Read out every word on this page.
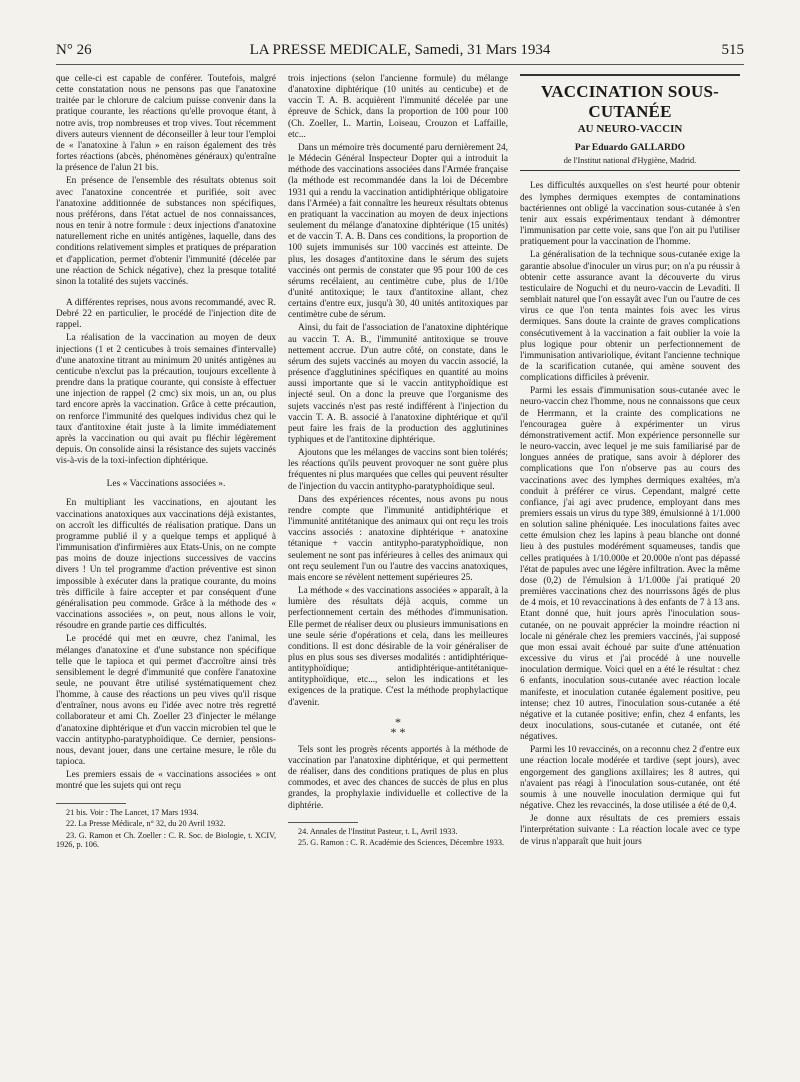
N° 26	LA PRESSE MEDICALE, Samedi, 31 Mars 1934	515

que celle-ci est capable de conférer. Toutefois, malgré cette constatation nous ne pensons pas que l'anatoxine traitée par le chlorure de calcium puisse convenir dans la pratique courante, les réactions qu'elle provoque étant, à notre avis, trop nombreuses et trop vives. Tout récemment divers auteurs viennent de déconseiller à leur tour l'emploi de « l'anatoxine à l'alun » en raison également des très fortes réactions (abcès, phénomènes généraux) qu'entraîne la présence de l'alun 21 bis.

En présence de l'ensemble des résultats obtenus soit avec l'anatoxine concentrée et purifiée, soit avec l'anatoxine additionnée de substances non spécifiques, nous préférons, dans l'état actuel de nos connaissances, nous en tenir à notre formule : deux injections d'anatoxine naturellement riche en unités antigènes, laquelle, dans des conditions relativement simples et pratiques de préparation et d'application, permet d'obtenir l'immunité (décelée par une réaction de Schick négative), chez la presque totalité sinon la totalité des sujets vaccinés.

A différentes reprises, nous avons recommandé, avec R. Debré 22 en particulier, le procédé de l'injection dite de rappel.

La réalisation de la vaccination au moyen de deux injections (1 et 2 centicubes à trois semaines d'intervalle) d'une anatoxine titrant au minimum 20 unités antigènes au centicube n'exclut pas la précaution, toujours excellente à prendre dans la pratique courante, qui consiste à effectuer une injection de rappel (2 cmc) six mois, un an, ou plus tard encore après la vaccination. Grâce à cette précaution, on renforce l'immunité des quelques individus chez qui le taux d'antitoxine était juste à la limite immédiatement après la vaccination ou qui avait pu fléchir légèrement depuis. On consolide ainsi la résistance des sujets vaccinés vis-à-vis de la toxi-infection diphtérique.

Les « Vaccinations associées ».

En multipliant les vaccinations, en ajoutant les vaccinations anatoxiques aux vaccinations déjà existantes, on accroît les difficultés de réalisation pratique. Dans un programme publié il y a quelque temps et appliqué à l'immunisation d'infirmières aux Etats-Unis, on ne compte pas moins de douze injections successives de vaccins divers ! Un tel programme d'action préventive est sinon impossible à exécuter dans la pratique courante, du moins très difficile à faire accepter et par conséquent d'une généralisation peu commode. Grâce à la méthode des « vaccinations associées », on peut, nous allons le voir, résoudre en grande partie ces difficultés.

Le procédé qui met en œuvre, chez l'animal, les mélanges d'anatoxine et d'une substance non spécifique telle que le tapioca et qui permet d'accroître ainsi très sensiblement le degré d'immunité que confère l'anatoxine seule, ne pouvant être utilisé systématiquement chez l'homme, à cause des réactions un peu vives qu'il risque d'entraîner, nous avons eu l'idée avec notre très regretté collaborateur et ami Ch. Zoeller 23 d'injecter le mélange d'anatoxine diphtérique et d'un vaccin microbien tel que le vaccin antitypho-paratyphoïdique. Ce dernier, pensions-nous, devant jouer, dans une certaine mesure, le rôle du tapioca.

Les premiers essais de « vaccinations associées » ont montré que les sujets qui ont reçu

21 bis. Voir : The Lancet, 17 Mars 1934.

22. La Presse Médicale, n° 32, du 20 Avril 1932.

23. G. Ramon et Ch. Zoeller : C. R. Soc. de Biologie, t. XCIV, 1926, p. 106.

trois injections (selon l'ancienne formule) du mélange d'anatoxine diphtérique (10 unités au centicube) et de vaccin T. A. B. acquièrent l'immunité décelée par une épreuve de Schick, dans la proportion de 100 pour 100 (Ch. Zoeller, L. Martin, Loiseau, Crouzon et Laffaille, etc...

Dans un mémoire très documenté paru dernièrement 24, le Médecin Général Inspecteur Dopter qui a introduit la méthode des vaccinations associées dans l'Armée française (la méthode est recommandée dans la loi de Décembre 1931 qui a rendu la vaccination antidiphtérique obligatoire dans l'Armée) a fait connaître les heureux résultats obtenus en pratiquant la vaccination au moyen de deux injections seulement du mélange d'anatoxine diphtérique (15 unités) et de vaccin T. A. B. Dans ces conditions, la proportion de 100 sujets immunisés sur 100 vaccinés est atteinte. De plus, les dosages d'antitoxine dans le sérum des sujets vaccinés ont permis de constater que 95 pour 100 de ces sérums recélaient, au centimètre cube, plus de 1/10e d'unité antitoxique; le taux d'antitoxine allant, chez certains d'entre eux, jusqu'à 30, 40 unités antitoxiques par centimètre cube de sérum.

Ainsi, du fait de l'association de l'anatoxine diphtérique au vaccin T. A. B., l'immunité antitoxique se trouve nettement accrue. D'un autre côté, on constate, dans le sérum des sujets vaccinés au moyen du vaccin associé, la présence d'agglutinines spécifiques en quantité au moins aussi importante que si le vaccin antityphoïdique est injecté seul. On a donc la preuve que l'organisme des sujets vaccinés n'est pas resté indifférent à l'injection du vaccin T. A. B. associé à l'anatoxine diphtérique et qu'il peut faire les frais de la production des agglutinines typhiques et de l'antitoxine diphtérique.

Ajoutons que les mélanges de vaccins sont bien tolérés; les réactions qu'ils peuvent provoquer ne sont guère plus fréquentes ni plus marquées que celles qui peuvent résulter de l'injection du vaccin antitypho-paratyphoïdique seul.

Dans des expériences récentes, nous avons pu nous rendre compte que l'immunité antidiphtérique et l'immunité antitétanique des animaux qui ont reçu les trois vaccins associés : anatoxine diphtérique + anatoxine tétanique + vaccin antitypho-paratyphoïdique, non seulement ne sont pas inférieures à celles des animaux qui ont reçu seulement l'un ou l'autre des vaccins anatoxiques, mais encore se révèlent nettement supérieures 25.

La méthode « des vaccinations associées » apparaît, à la lumière des résultats déjà acquis, comme un perfectionnement certain des méthodes d'immunisation. Elle permet de réaliser deux ou plusieurs immunisations en une seule série d'opérations et cela, dans les meilleures conditions. Il est donc désirable de la voir généraliser de plus en plus sous ses diverses modalités : antidiphtérique-antityphoïdique; antidiphtérique-antitétanique-antityphoïdique, etc..., selon les indications et les exigences de la pratique. C'est la méthode prophylactique d'avenir.

*
* *

Tels sont les progrès récents apportés à la méthode de vaccination par l'anatoxine diphtérique, et qui permettent de réaliser, dans des conditions pratiques de plus en plus commodes, et avec des chances de succès de plus en plus grandes, la prophylaxie individuelle et collective de la diphtérie.

24. Annales de l'Institut Pasteur, t. L, Avril 1933.

25. G. Ramon : C. R. Académie des Sciences, Décembre 1933.

VACCINATION SOUS-CUTANÉE
AU NEURO-VACCIN
Par Eduardo GALLARDO
de l'Institut national d'Hygiène, Madrid.

Les difficultés auxquelles on s'est heurté pour obtenir des lymphes dermiques exemptes de contaminations bactériennes ont obligé la vaccination sous-cutanée à s'en tenir aux essais expérimentaux tendant à démontrer l'immunisation par cette voie, sans que l'on ait pu l'utiliser pratiquement pour la vaccination de l'homme.

La généralisation de la technique sous-cutanée exige la garantie absolue d'inoculer un virus pur; on n'a pu réussir à obtenir cette assurance avant la découverte du virus testiculaire de Noguchi et du neuro-vaccin de Levaditi. Il semblait naturel que l'on essayât avec l'un ou l'autre de ces virus ce que l'on tenta maintes fois avec les virus dermiques. Sans doute la crainte de graves complications consécutivement à la vaccination a fait oublier la voie la plus logique pour obtenir un perfectionnement de l'immunisation antivariolique, évitant l'ancienne technique de la scarification cutanée, qui amène souvent des complications difficiles à prévenir.

Parmi les essais d'immunisation sous-cutanée avec le neuro-vaccin chez l'homme, nous ne connaissons que ceux de Herrmann, et la crainte des complications ne l'encouragea guère à expérimenter un virus démonstrativement actif. Mon expérience personnelle sur le neuro-vaccin, avec lequel je me suis familiarisé par de longues années de pratique, sans avoir à déplorer des complications que l'on n'observe pas au cours des vaccinations avec des lymphes dermiques exaltées, m'a conduit à préférer ce virus. Cependant, malgré cette confiance, j'ai agi avec prudence, employant dans mes premiers essais un virus du type 389, émulsionné à 1/1.000 en solution saline phéniquée. Les inoculations faites avec cette émulsion chez les lapins à peau blanche ont donné lieu à des pustules modérément squameuses, tandis que celles pratiquées à 1/10.000e et 20.000e n'ont pas dépassé l'état de papules avec une légère infiltration. Avec la même dose (0,2) de l'émulsion à 1/1.000e j'ai pratiqué 20 premières vaccinations chez des nourrissons âgés de plus de 4 mois, et 10 revaccinations à des enfants de 7 à 13 ans. Etant donné que, huit jours après l'inoculation sous-cutanée, on ne pouvait apprécier la moindre réaction ni locale ni générale chez les premiers vaccinés, j'ai supposé que mon essai avait échoué par suite d'une atténuation excessive du virus et j'ai procédé à une nouvelle inoculation dermique. Voici quel en a été le résultat : chez 6 enfants, inoculation sous-cutanée avec réaction locale manifeste, et inoculation cutanée également positive, peu intense; chez 10 autres, l'inoculation sous-cutanée a été négative et la cutanée positive; enfin, chez 4 enfants, les deux inoculations, sous-cutanée et cutanée, ont été négatives.

Parmi les 10 revaccinés, on a reconnu chez 2 d'entre eux une réaction locale modérée et tardive (sept jours), avec engorgement des ganglions axillaires; les 8 autres, qui n'avaient pas réagi à l'inoculation sous-cutanée, ont été soumis à une nouvelle inoculation dermique qui fut négative. Chez les revaccinés, la dose utilisée a été de 0,4.

Je donne aux résultats de ces premiers essais l'interprétation suivante : La réaction locale avec ce type de virus n'apparaît que huit jours
